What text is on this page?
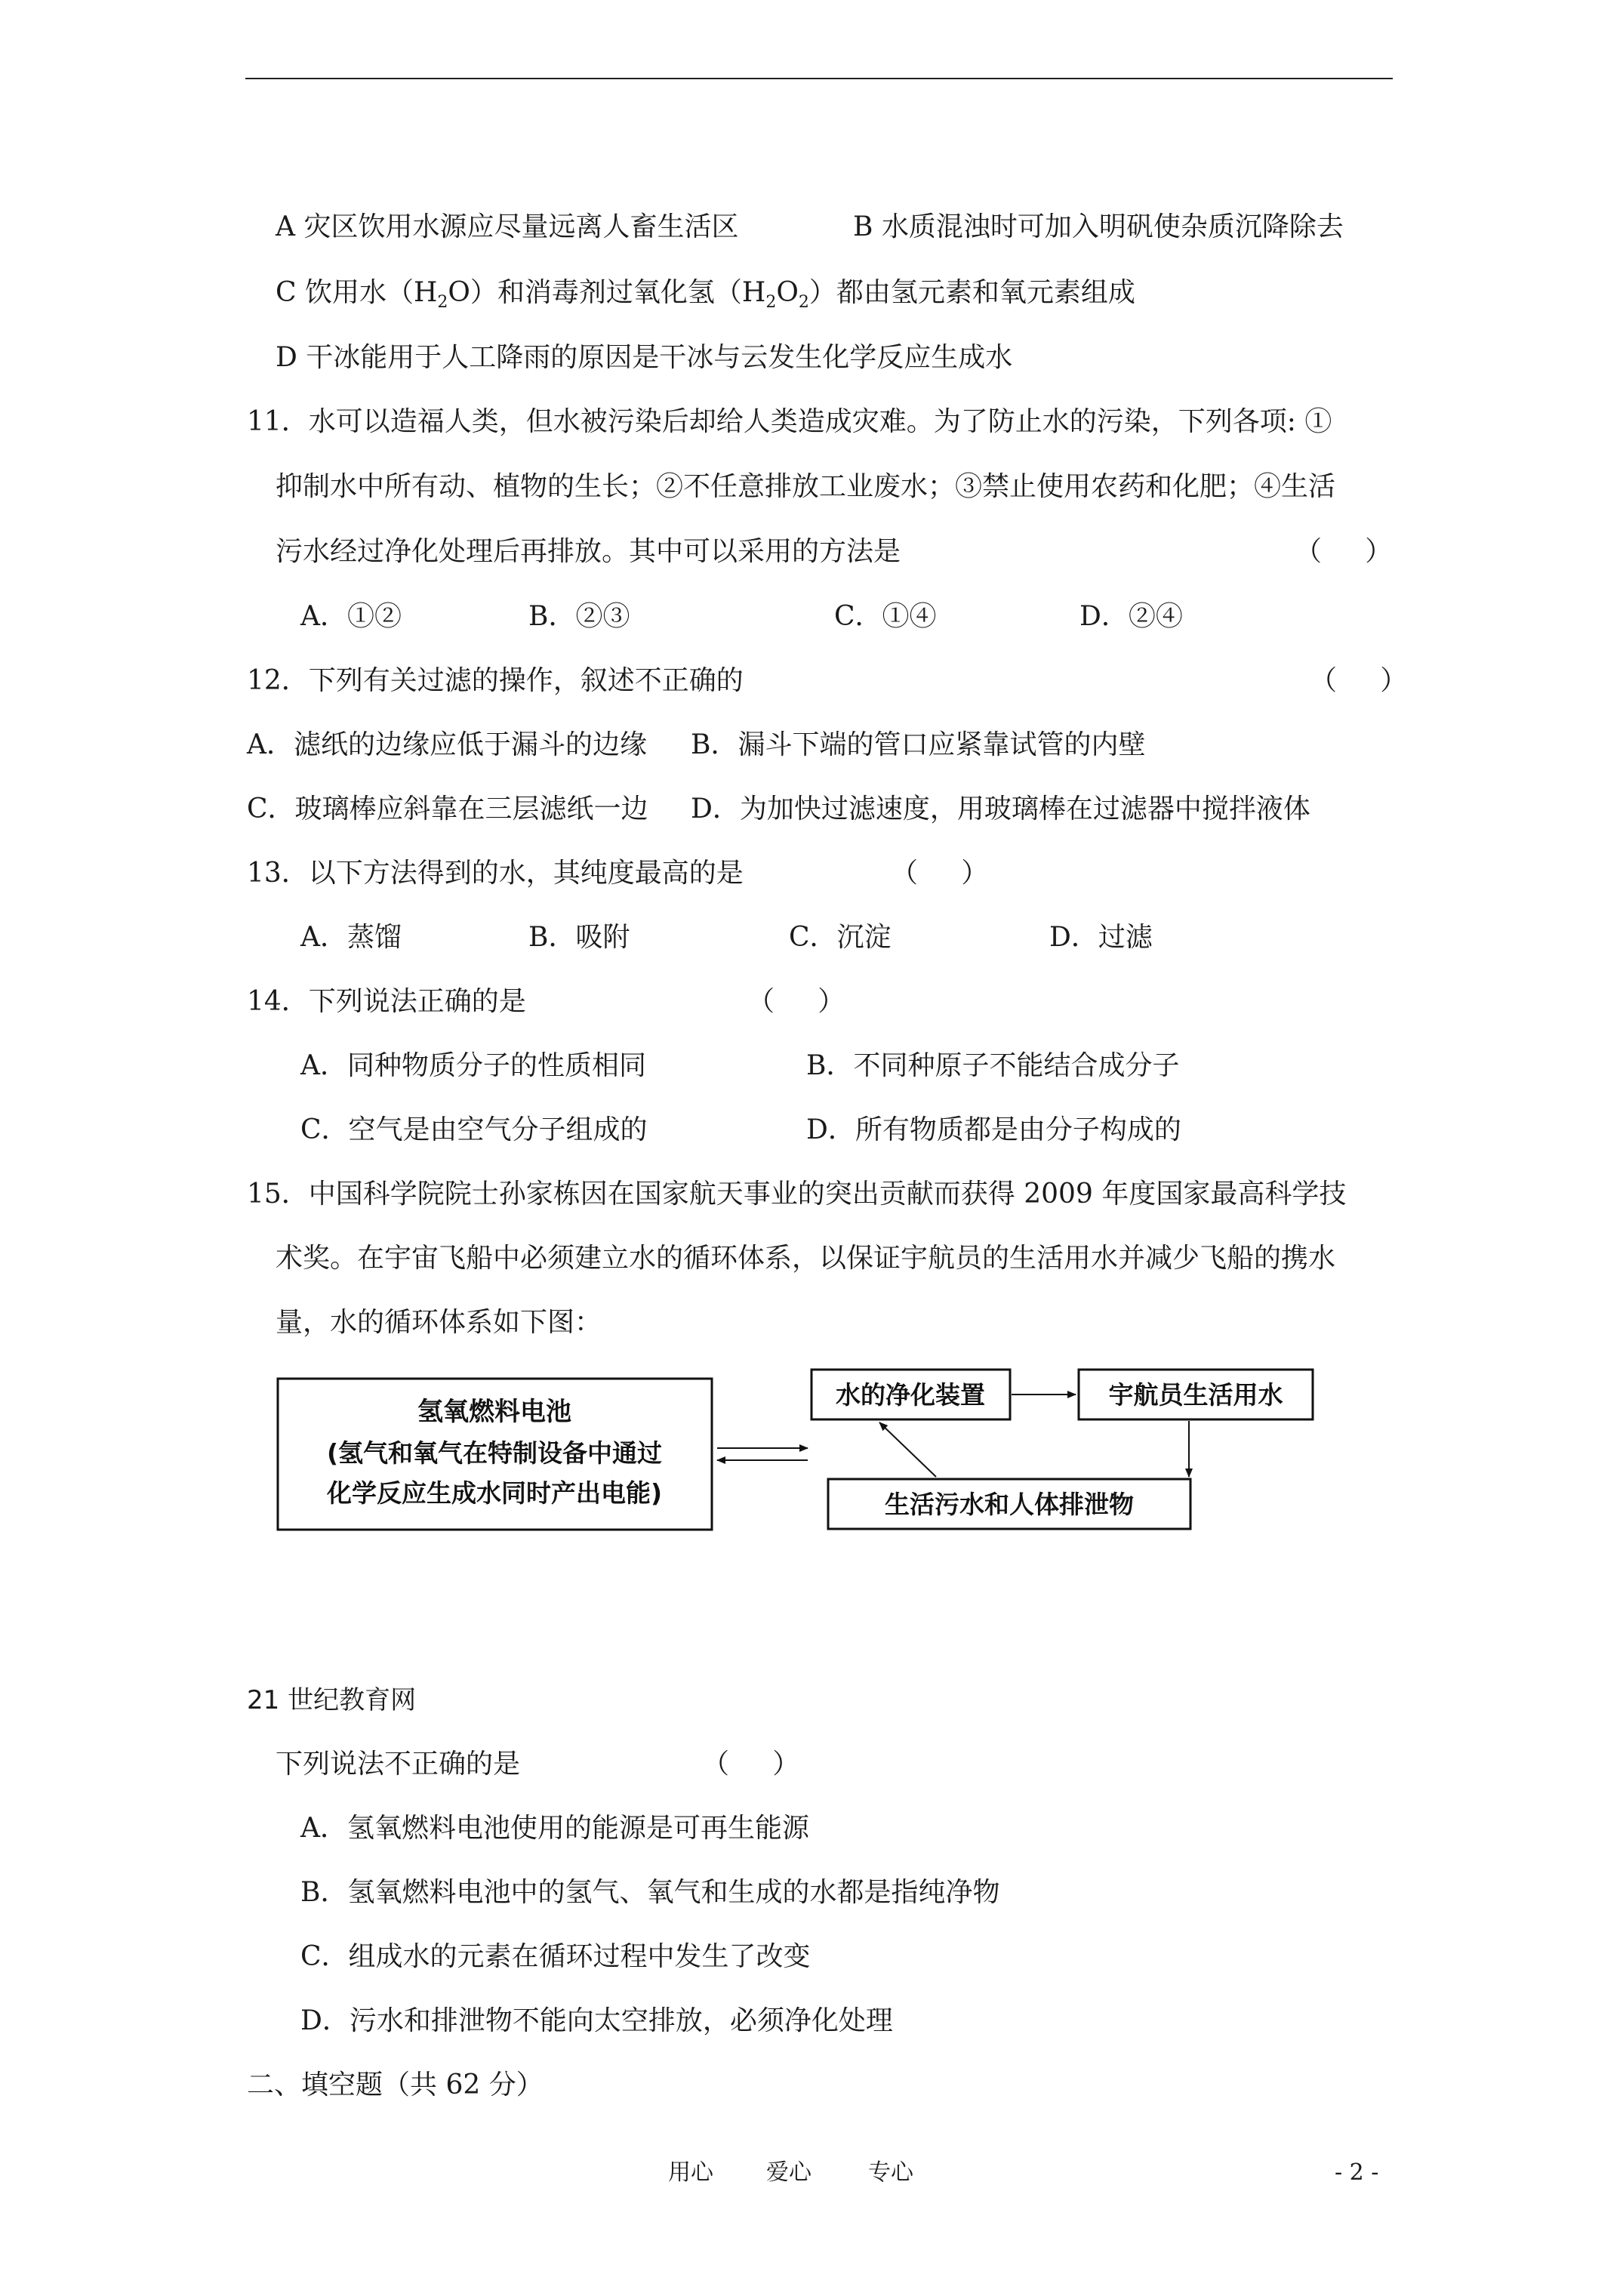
A 灾区饮用水源应尽量远离人畜生活区	B 水质混浊时可加入明矾使杂质沉降除去
C 饮用水$(H_2O)$和消毒剂过氧化氢$(H_2O_2)$都由氢元素和氧元素组成
D 干冰能用于人工降雨的原因是干冰与云发生化学反应生成水
11．水可以造福人类，但水被污染后却给人类造成灾难。为了防止水的污染，下列各项: ①
抑制水中所有动、植物的生长；②不任意排放工业废水；③禁止使用农药和化肥；④生活
污水经过净化处理后再排放。其中可以采用的方法是	（     ）
A．①②	B．②③	C．①④	D．②④
12．下列有关过滤的操作，叙述不正确的	（     ）
A．滤纸的边缘应低于漏斗的边缘 B．漏斗下端的管口应紧靠试管的内壁
C．玻璃棒应斜靠在三层滤纸一边 D．为加快过滤速度，用玻璃棒在过滤器中搅拌液体
13．以下方法得到的水，其纯度最高的是	（     ）
A．蒸馏	B．吸附	C．沉淀	D．过滤
14．下列说法正确的是	（     ）
A．同种物质分子的性质相同	B．不同种原子不能结合成分子
C．空气是由空气分子组成的	D．所有物质都是由分子构成的
15．中国科学院院士孙家栋因在国家航天事业的突出贡献而获得 2009 年度国家最高科学技
术奖。在宇宙飞船中必须建立水的循环体系，以保证宇航员的生活用水并减少飞船的携水
量，水的循环体系如下图：
氢氧燃料电池
(氢气和氧气在特制设备中通过
化学反应生成水同时产出电能)
水的净化装置	宇航员生活用水
生活污水和人体排泄物
21 世纪教育网
下列说法不正确的是	（     ）
A．氢氧燃料电池使用的能源是可再生能源
B．氢氧燃料电池中的氢气、氧气和生成的水都是指纯净物
C．组成水的元素在循环过程中发生了改变
D．污水和排泄物不能向太空排放，必须净化处理
二、填空题（共 62 分）
用心 爱心	专心	- 2 -
